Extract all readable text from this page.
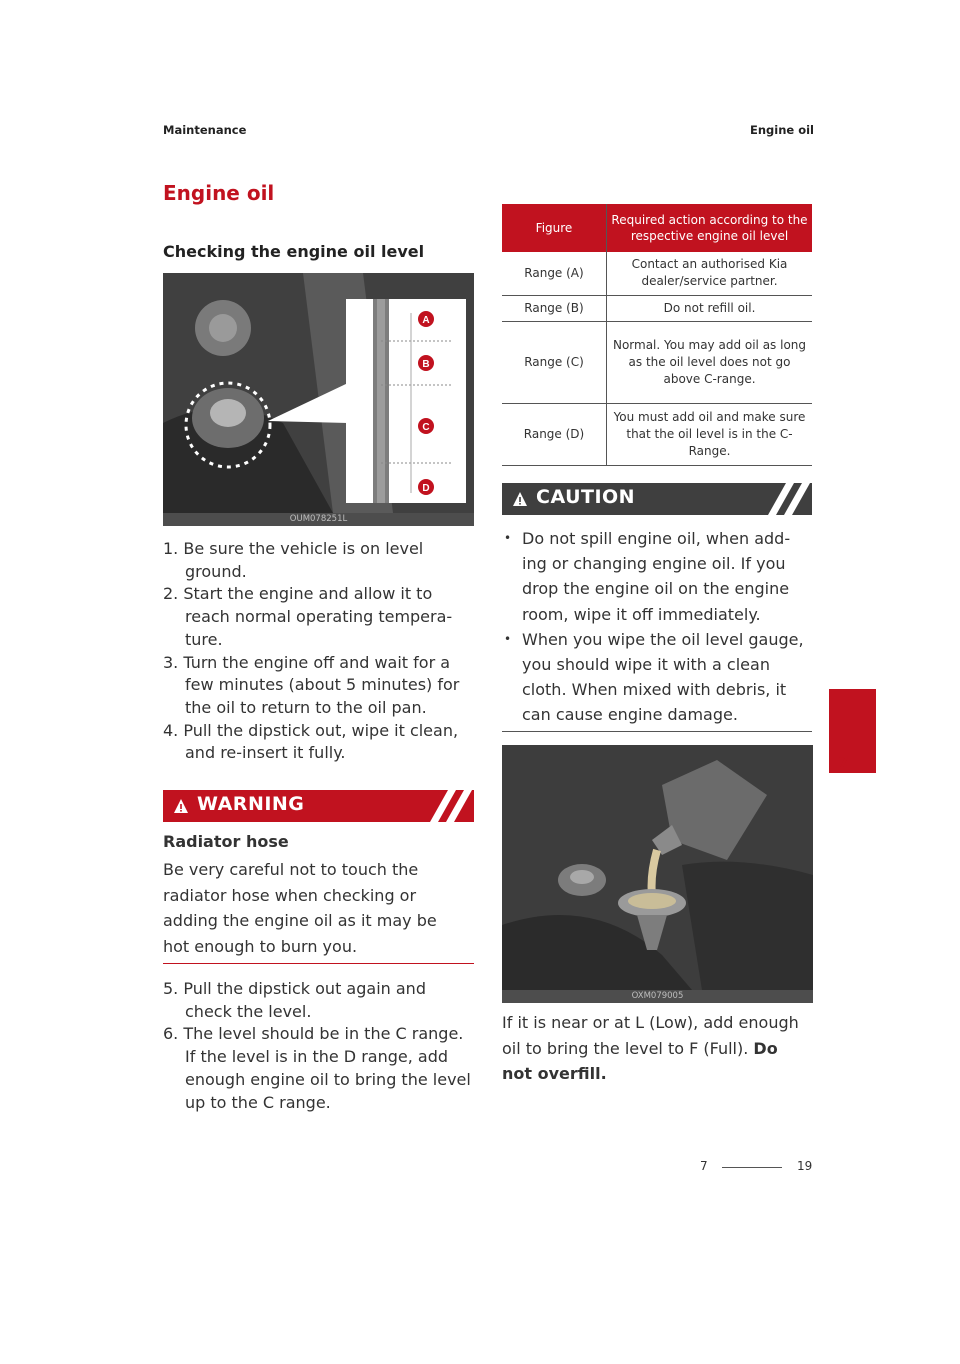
Maintenance	Engine oil
Engine oil
Checking the engine oil level
A
B
C
D
OUM078251L
1. Be sure the vehicle is on level ground.
2. Start the engine and allow it to reach normal operating tempera-ture.
3. Turn the engine off and wait for a few minutes (about 5 minutes) for the oil to return to the oil pan.
4. Pull the dipstick out, wipe it clean, and re-insert it fully.
WARNING
Radiator hose
Be very careful not to touch the radiator hose when checking or adding the engine oil as it may be hot enough to burn you.
5. Pull the dipstick out again and check the level.
6. The level should be in the C range. If the level is in the D range, add enough engine oil to bring the level up to the C range.
Figure	Required action according to the respective engine oil level
Range (A)	Contact an authorised Kia dealer/service partner.
Range (B)	Do not refill oil.
Range (C)	Normal. You may add oil as long as the oil level does not go above C-range.
Range (D)	You must add oil and make sure that the oil level is in the C-Range.
CAUTION
• Do not spill engine oil, when add-ing or changing engine oil. If you drop the engine oil on the engine room, wipe it off immediately.
• When you wipe the oil level gauge, you should wipe it with a clean cloth. When mixed with debris, it can cause engine damage.
OXM079005
If it is near or at L (Low), add enough oil to bring the level to F (Full). Do not overfill.
7
7	19
